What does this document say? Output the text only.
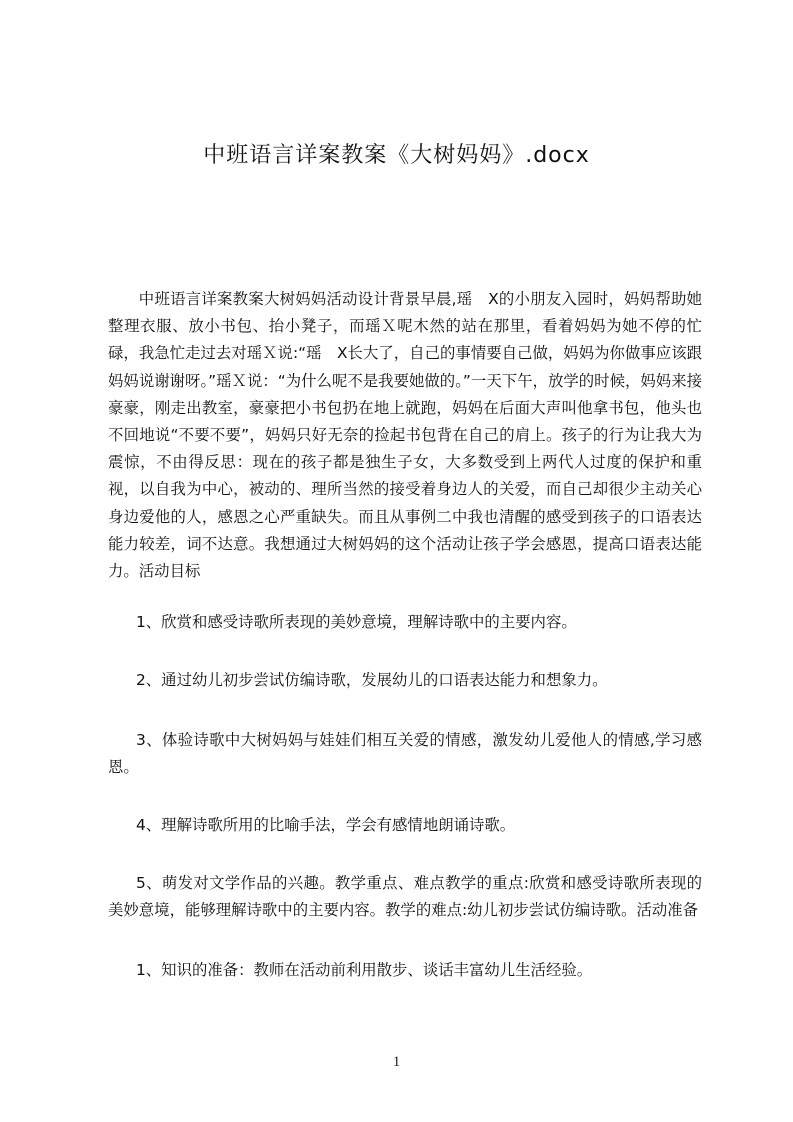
中班语言详案教案《大树妈妈》.docx

中班语言详案教案大树妈妈活动设计背景早晨,瑶　X的小朋友入园时，妈妈帮助她整理衣服、放小书包、抬小凳子，而瑶Ｘ呢木然的站在那里，看着妈妈为她不停的忙碌，我急忙走过去对瑶Ｘ说:“瑶　X长大了，自己的事情要自己做，妈妈为你做事应该跟妈妈说谢谢呀。”瑶Ｘ说：“为什么呢不是我要她做的。”一天下午，放学的时候，妈妈来接豪豪，刚走出教室，豪豪把小书包扔在地上就跑，妈妈在后面大声叫他拿书包，他头也不回地说“不要不要”，妈妈只好无奈的捡起书包背在自己的肩上。孩子的行为让我大为震惊，不由得反思：现在的孩子都是独生子女，大多数受到上两代人过度的保护和重视，以自我为中心，被动的、理所当然的接受着身边人的关爱，而自己却很少主动关心身边爱他的人，感恩之心严重缺失。而且从事例二中我也清醒的感受到孩子的口语表达能力较差，词不达意。我想通过大树妈妈的这个活动让孩子学会感恩，提高口语表达能力。活动目标

1、欣赏和感受诗歌所表现的美妙意境，理解诗歌中的主要内容。

2、通过幼儿初步尝试仿编诗歌，发展幼儿的口语表达能力和想象力。

3、体验诗歌中大树妈妈与娃娃们相互关爱的情感，激发幼儿爱他人的情感,学习感恩。

4、理解诗歌所用的比喻手法，学会有感情地朗诵诗歌。

5、萌发对文学作品的兴趣。教学重点、难点教学的重点:欣赏和感受诗歌所表现的美妙意境，能够理解诗歌中的主要内容。教学的难点:幼儿初步尝试仿编诗歌。活动准备

1、知识的准备：教师在活动前利用散步、谈话丰富幼儿生活经验。

1
